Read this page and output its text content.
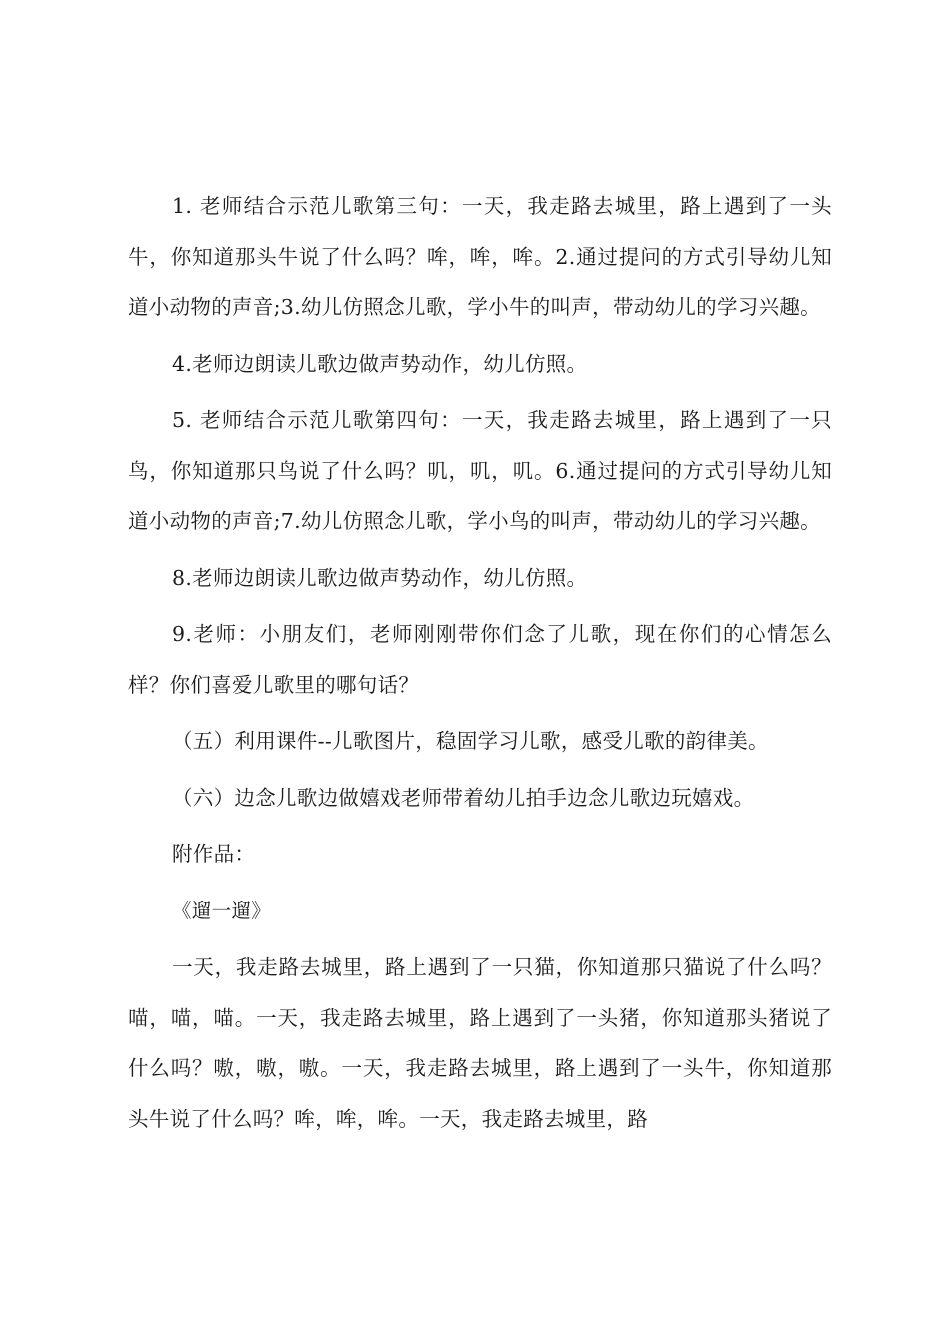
1. 老师结合示范儿歌第三句：一天，我走路去城里，路上遇到了一头牛，你知道那头牛说了什么吗？哞，哞，哞。2.通过提问的方式引导幼儿知道小动物的声音;3.幼儿仿照念儿歌，学小牛的叫声，带动幼儿的学习兴趣。

4.老师边朗读儿歌边做声势动作，幼儿仿照。

5. 老师结合示范儿歌第四句：一天，我走路去城里，路上遇到了一只鸟，你知道那只鸟说了什么吗？叽，叽，叽。6.通过提问的方式引导幼儿知道小动物的声音;7.幼儿仿照念儿歌，学小鸟的叫声，带动幼儿的学习兴趣。

8.老师边朗读儿歌边做声势动作，幼儿仿照。

9.老师：小朋友们，老师刚刚带你们念了儿歌，现在你们的心情怎么样？你们喜爱儿歌里的哪句话？

（五）利用课件--儿歌图片，稳固学习儿歌，感受儿歌的韵律美。

（六）边念儿歌边做嬉戏老师带着幼儿拍手边念儿歌边玩嬉戏。

附作品：

《遛一遛》

一天，我走路去城里，路上遇到了一只猫，你知道那只猫说了什么吗？喵，喵，喵。一天，我走路去城里，路上遇到了一头猪，你知道那头猪说了什么吗？嗷，嗷，嗷。一天，我走路去城里，路上遇到了一头牛，你知道那头牛说了什么吗？哞，哞，哞。一天，我走路去城里，路
